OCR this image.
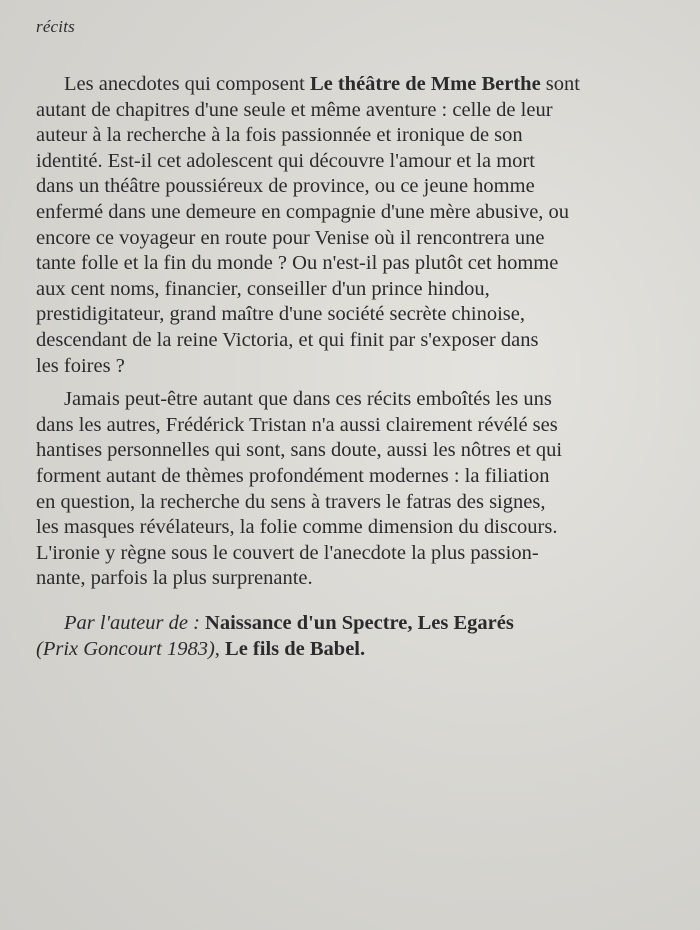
récits
Les anecdotes qui composent Le théâtre de Mme Berthe sont
autant de chapitres d'une seule et même aventure : celle de leur
auteur à la recherche à la fois passionnée et ironique de son
identité. Est-il cet adolescent qui découvre l'amour et la mort
dans un théâtre poussiéreux de province, ou ce jeune homme
enfermé dans une demeure en compagnie d'une mère abusive, ou
encore ce voyageur en route pour Venise où il rencontrera une
tante folle et la fin du monde ? Ou n'est-il pas plutôt cet homme
aux cent noms, financier, conseiller d'un prince hindou,
prestidigitateur, grand maître d'une société secrète chinoise,
descendant de la reine Victoria, et qui finit par s'exposer dans
les foires ?
Jamais peut-être autant que dans ces récits emboîtés les uns
dans les autres, Frédérick Tristan n'a aussi clairement révélé ses
hantises personnelles qui sont, sans doute, aussi les nôtres et qui
forment autant de thèmes profondément modernes : la filiation
en question, la recherche du sens à travers le fatras des signes,
les masques révélateurs, la folie comme dimension du discours.
L'ironie y règne sous le couvert de l'anecdote la plus passion-
nante, parfois la plus surprenante.
Par l'auteur de : Naissance d'un Spectre, Les Egarés
(Prix Goncourt 1983), Le fils de Babel.
